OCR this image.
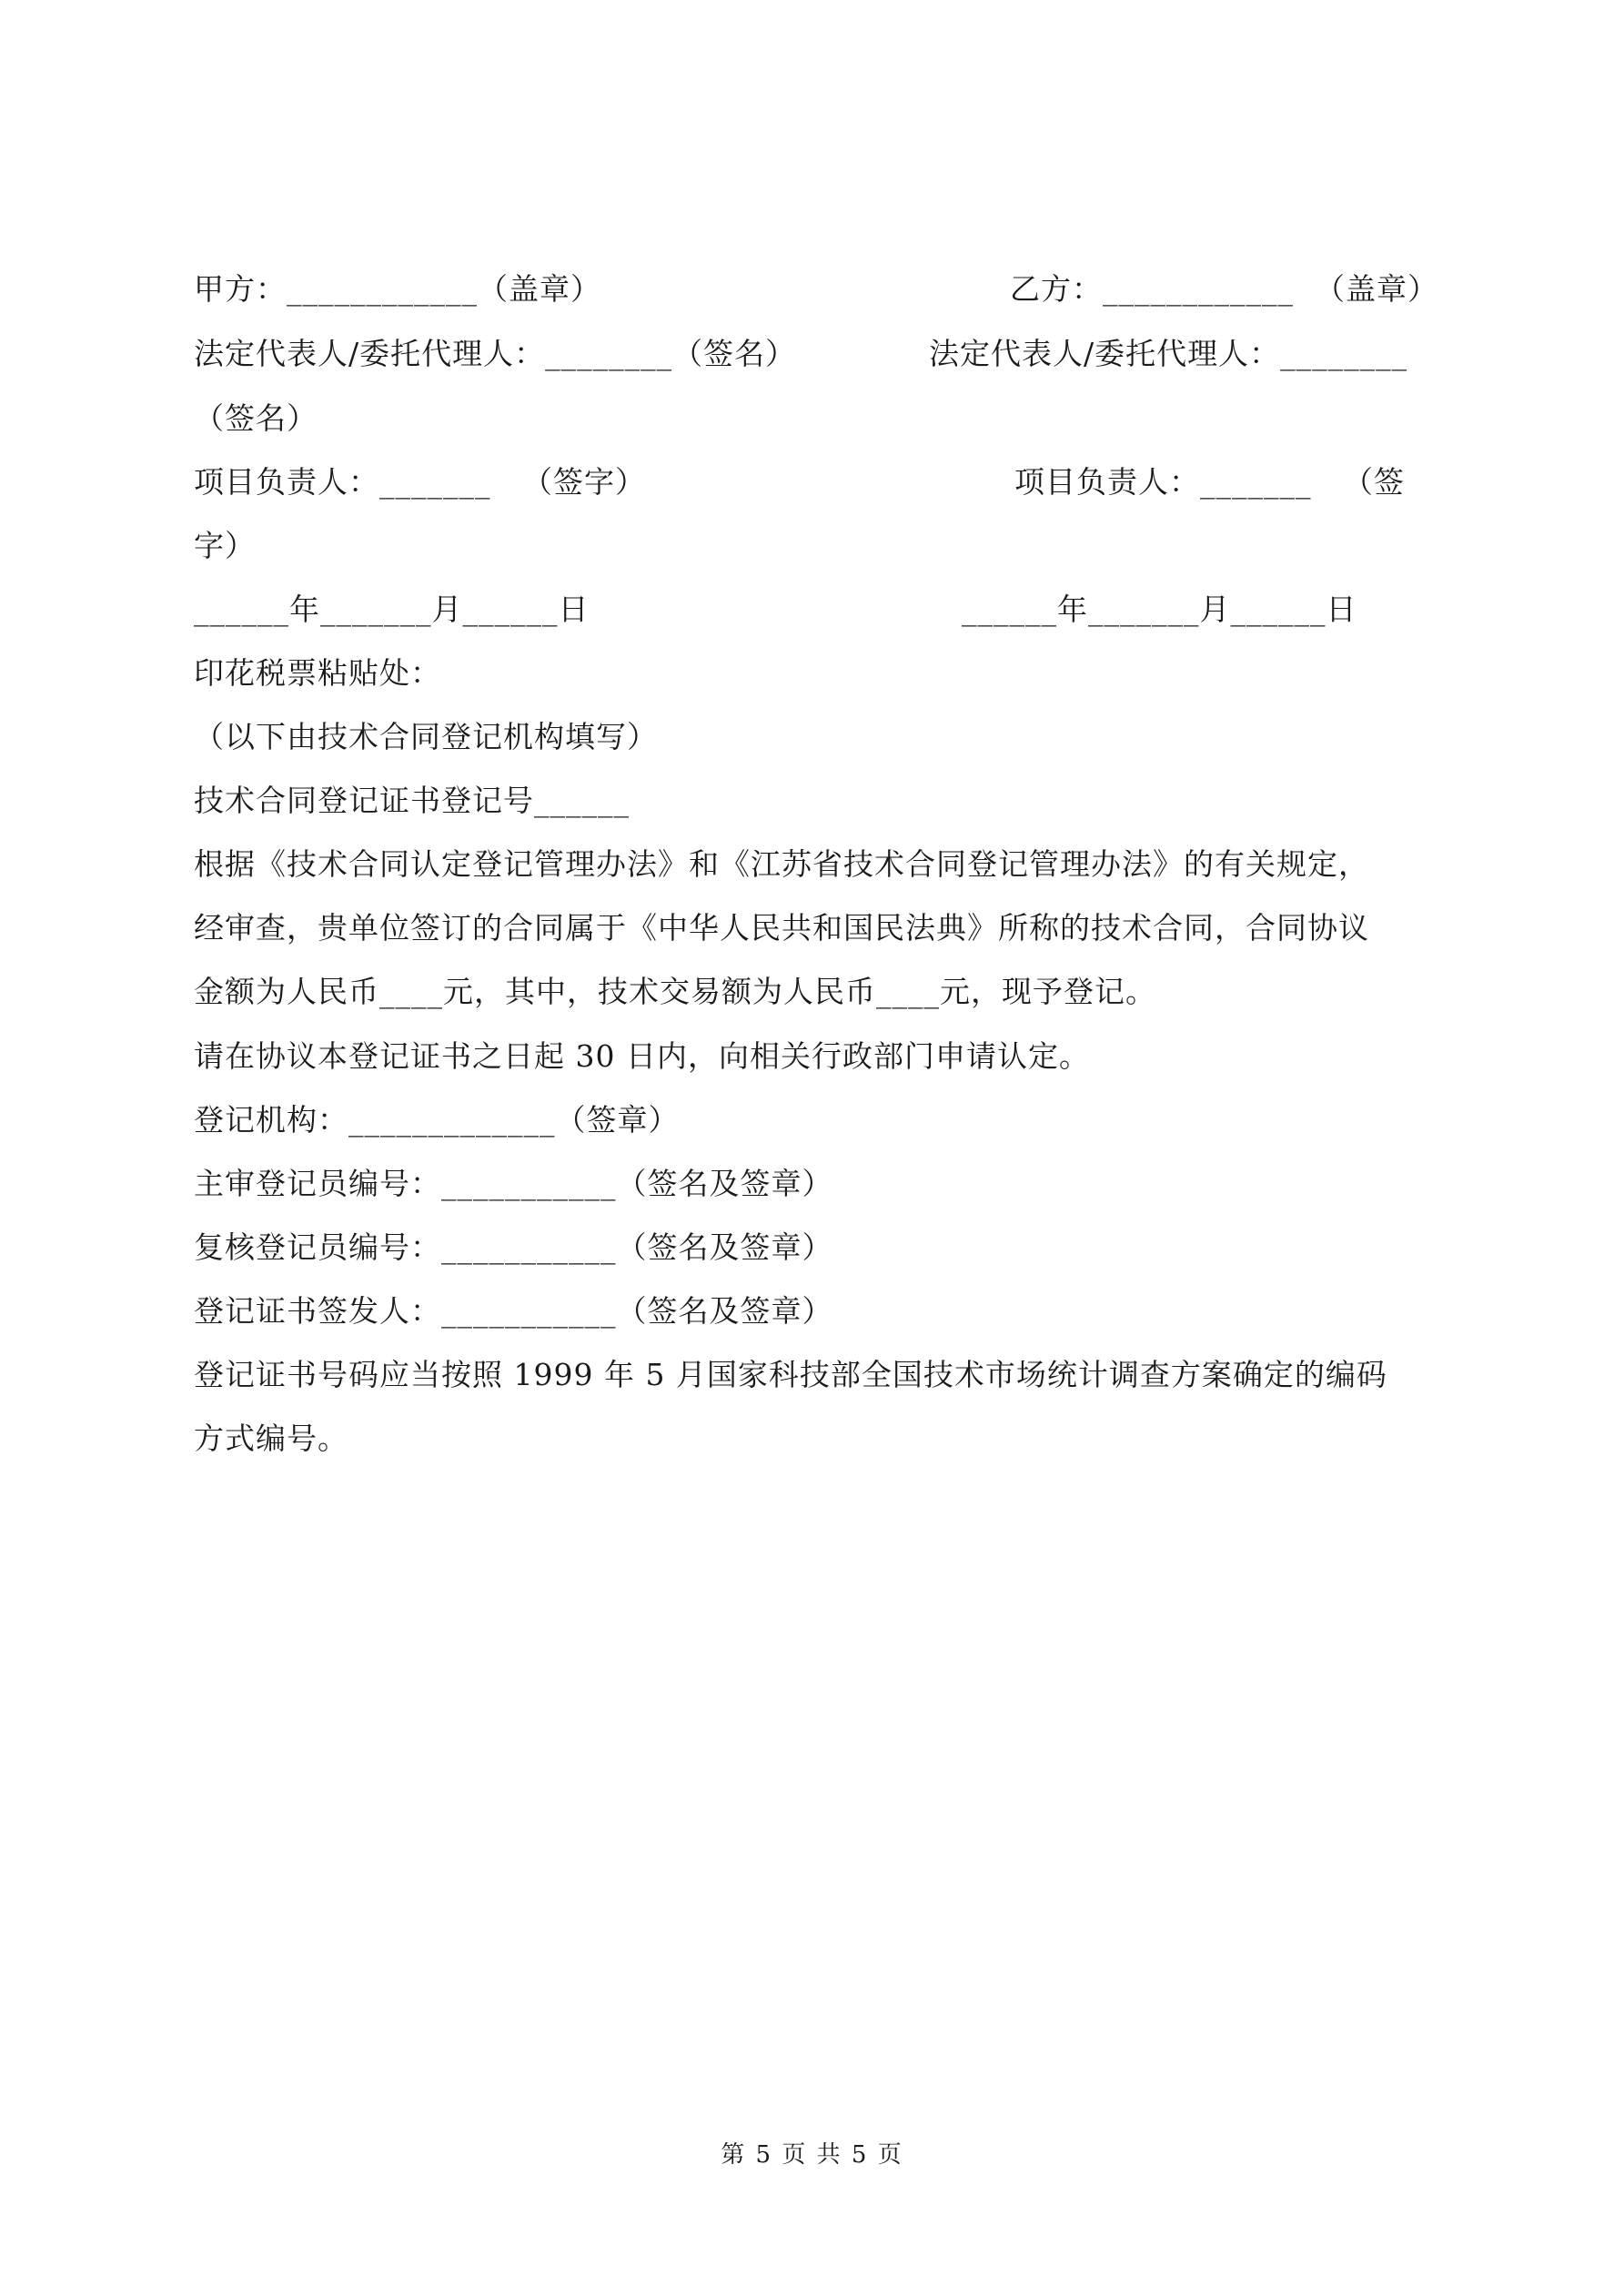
甲方：____________（盖章）	乙方：____________  （盖章）
法定代表人/委托代理人：________（签名）	法定代表人/委托代理人：________
（签名）
项目负责人：_______   （签字）	项目负责人：_______   （签
字）
______年_______月______日	______年_______月______日
印花税票粘贴处：
（以下由技术合同登记机构填写）
技术合同登记证书登记号______
根据《技术合同认定登记管理办法》和《江苏省技术合同登记管理办法》的有关规定，
经审查，贵单位签订的合同属于《中华人民共和国民法典》所称的技术合同，合同协议
金额为人民币____元，其中，技术交易额为人民币____元，现予登记。
请在协议本登记证书之日起 30 日内，向相关行政部门申请认定。
登记机构：_____________（签章）
主审登记员编号：___________（签名及签章）
复核登记员编号：___________（签名及签章）
登记证书签发人：___________（签名及签章）
登记证书号码应当按照 1999 年 5 月国家科技部全国技术市场统计调查方案确定的编码
方式编号。
第 5 页 共 5 页
